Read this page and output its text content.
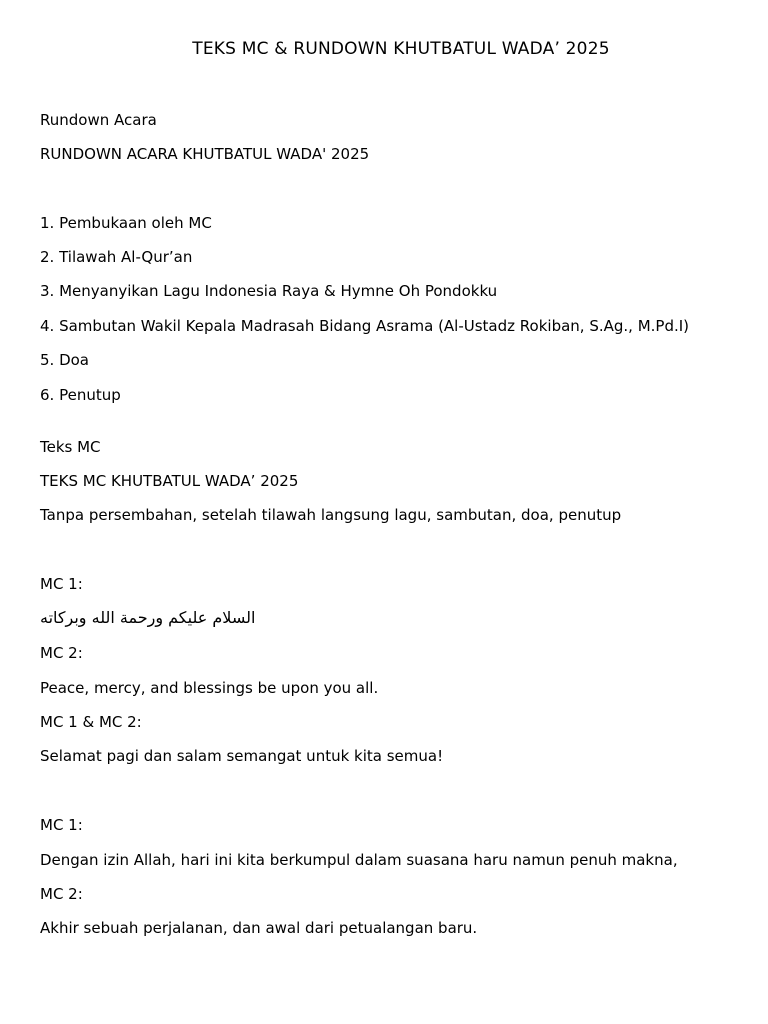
TEKS MC & RUNDOWN KHUTBATUL WADA’ 2025
Rundown Acara
RUNDOWN ACARA KHUTBATUL WADA' 2025
1. Pembukaan oleh MC
2. Tilawah Al-Qur’an
3. Menyanyikan Lagu Indonesia Raya & Hymne Oh Pondokku
4. Sambutan Wakil Kepala Madrasah Bidang Asrama (Al-Ustadz Rokiban, S.Ag., M.Pd.I)
5. Doa
6. Penutup
Teks MC
TEKS MC KHUTBATUL WADA’ 2025
Tanpa persembahan, setelah tilawah langsung lagu, sambutan, doa, penutup
MC 1:
السلام عليكم ورحمة الله وبركاته
MC 2:
Peace, mercy, and blessings be upon you all.
MC 1 & MC 2:
Selamat pagi dan salam semangat untuk kita semua!
MC 1:
Dengan izin Allah, hari ini kita berkumpul dalam suasana haru namun penuh makna,
MC 2:
Akhir sebuah perjalanan, dan awal dari petualangan baru.
